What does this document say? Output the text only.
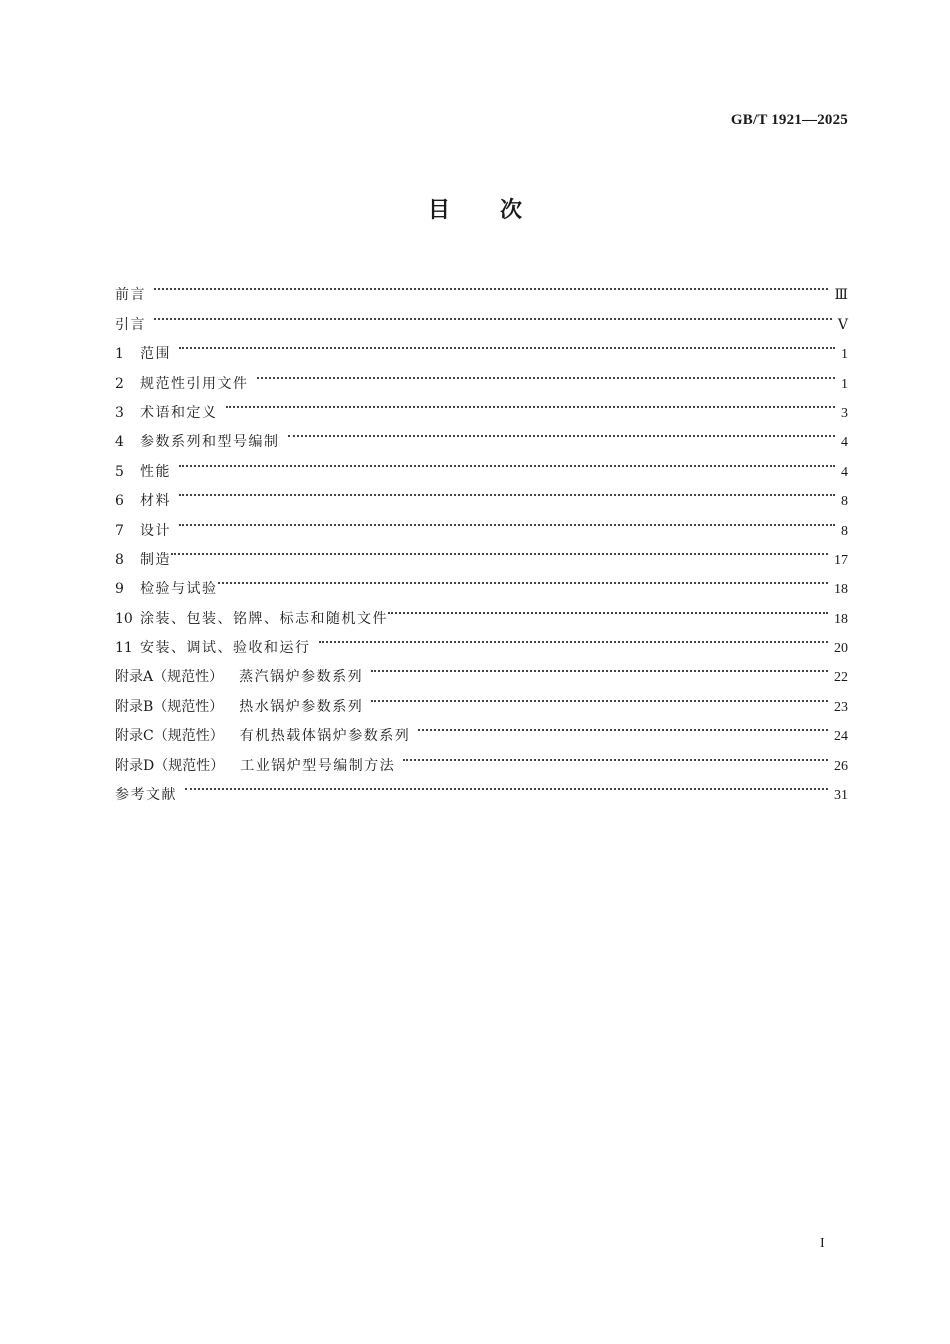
GB/T 1921—2025
目次
前言	Ⅲ
引言	Ⅴ
1	范围	1
2	规范性引用文件	1
3	术语和定义	3
4	参数系列和型号编制	4
5	性能	4
6	材料	8
7	设计	8
8	制造	17
9	检验与试验	18
10 涂装、包装、铭牌、标志和随机文件	18
11 安装、调试、验收和运行	20
附录A（规范性） 蒸汽锅炉参数系列	22
附录B（规范性） 热水锅炉参数系列	23
附录C（规范性） 有机热载体锅炉参数系列	24
附录D（规范性） 工业锅炉型号编制方法	26
参考文献	31
I
